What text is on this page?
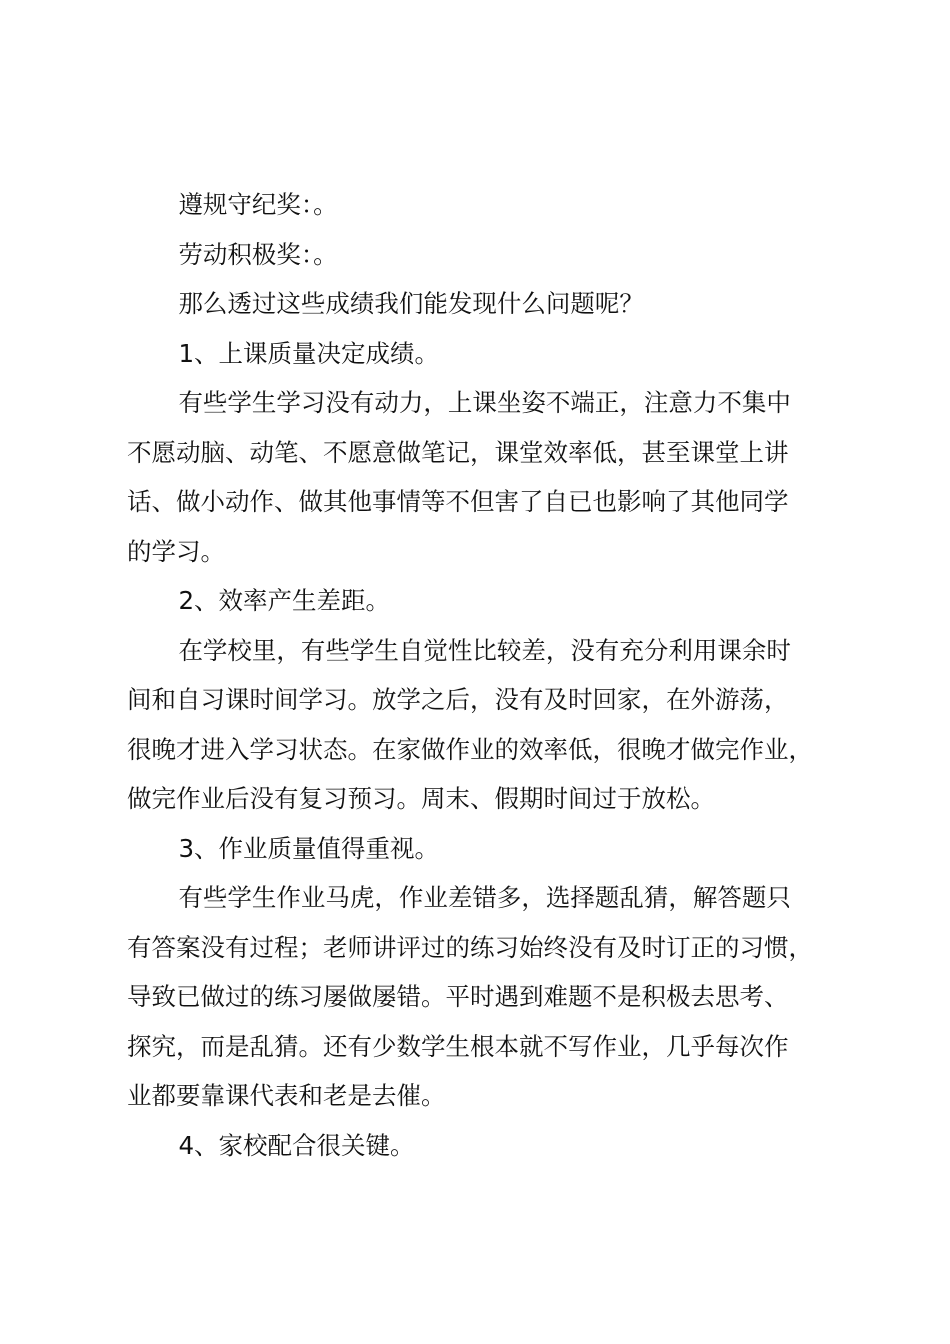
遵规守纪奖：。

劳动积极奖：。

那么透过这些成绩我们能发现什么问题呢？

1、上课质量决定成绩。

有些学生学习没有动力，上课坐姿不端正，注意力不集中
不愿动脑、动笔、不愿意做笔记，课堂效率低，甚至课堂上讲
话、做小动作、做其他事情等不但害了自已也影响了其他同学
的学习。

2、效率产生差距。

在学校里，有些学生自觉性比较差，没有充分利用课余时
间和自习课时间学习。放学之后，没有及时回家，在外游荡，
很晚才进入学习状态。在家做作业的效率低，很晚才做完作业，
做完作业后没有复习预习。周末、假期时间过于放松。

3、作业质量值得重视。

有些学生作业马虎，作业差错多，选择题乱猜，解答题只
有答案没有过程；老师讲评过的练习始终没有及时订正的习惯，
导致已做过的练习屡做屡错。平时遇到难题不是积极去思考、
探究，而是乱猜。还有少数学生根本就不写作业，几乎每次作
业都要靠课代表和老是去催。

4、家校配合很关键。
